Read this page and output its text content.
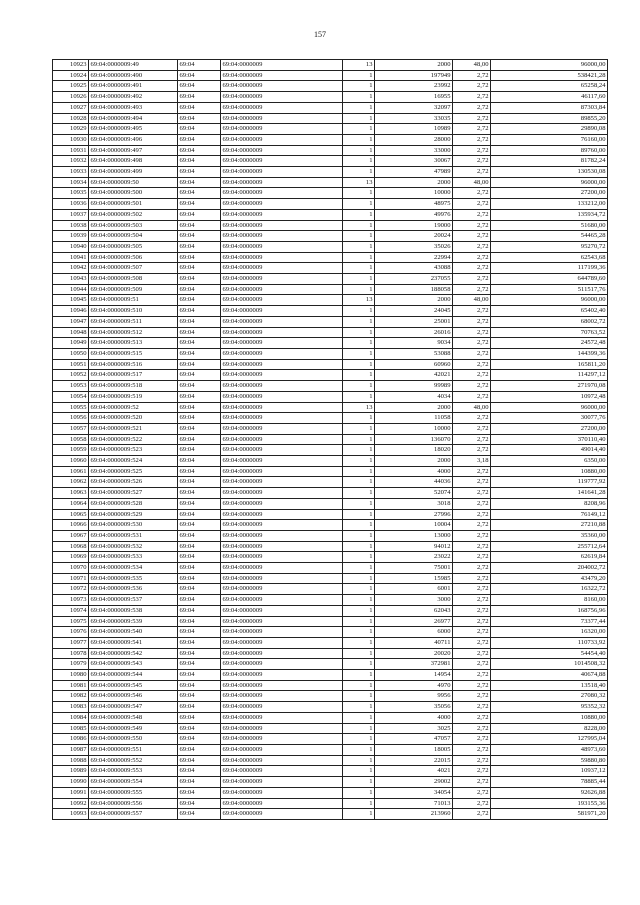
157
10923	69:04:0000009:49	69:04	69:04:0000009	13	2000	48,00	96000,00
10924	69:04:0000009:490	69:04	69:04:0000009	1	197949	2,72	538421,28
10925	69:04:0000009:491	69:04	69:04:0000009	1	23992	2,72	65258,24
10926	69:04:0000009:492	69:04	69:04:0000009	1	16955	2,72	46117,60
10927	69:04:0000009:493	69:04	69:04:0000009	1	32097	2,72	87303,84
10928	69:04:0000009:494	69:04	69:04:0000009	1	33035	2,72	89855,20
10929	69:04:0000009:495	69:04	69:04:0000009	1	10989	2,72	29890,08
10930	69:04:0000009:496	69:04	69:04:0000009	1	28000	2,72	76160,00
10931	69:04:0000009:497	69:04	69:04:0000009	1	33000	2,72	89760,00
10932	69:04:0000009:498	69:04	69:04:0000009	1	30067	2,72	81782,24
10933	69:04:0000009:499	69:04	69:04:0000009	1	47989	2,72	130530,08
10934	69:04:0000009:50	69:04	69:04:0000009	13	2000	48,00	96000,00
10935	69:04:0000009:500	69:04	69:04:0000009	1	10000	2,72	27200,00
10936	69:04:0000009:501	69:04	69:04:0000009	1	48975	2,72	133212,00
10937	69:04:0000009:502	69:04	69:04:0000009	1	49976	2,72	135934,72
10938	69:04:0000009:503	69:04	69:04:0000009	1	19000	2,72	51680,00
10939	69:04:0000009:504	69:04	69:04:0000009	1	20024	2,72	54465,28
10940	69:04:0000009:505	69:04	69:04:0000009	1	35026	2,72	95270,72
10941	69:04:0000009:506	69:04	69:04:0000009	1	22994	2,72	62543,68
10942	69:04:0000009:507	69:04	69:04:0000009	1	43088	2,72	117199,36
10943	69:04:0000009:508	69:04	69:04:0000009	1	237055	2,72	644789,60
10944	69:04:0000009:509	69:04	69:04:0000009	1	188058	2,72	511517,76
10945	69:04:0000009:51	69:04	69:04:0000009	13	2000	48,00	96000,00
10946	69:04:0000009:510	69:04	69:04:0000009	1	24045	2,72	65402,40
10947	69:04:0000009:511	69:04	69:04:0000009	1	25001	2,72	68002,72
10948	69:04:0000009:512	69:04	69:04:0000009	1	26016	2,72	70763,52
10949	69:04:0000009:513	69:04	69:04:0000009	1	9034	2,72	24572,48
10950	69:04:0000009:515	69:04	69:04:0000009	1	53088	2,72	144399,36
10951	69:04:0000009:516	69:04	69:04:0000009	1	60960	2,72	165811,20
10952	69:04:0000009:517	69:04	69:04:0000009	1	42021	2,72	114297,12
10953	69:04:0000009:518	69:04	69:04:0000009	1	99989	2,72	271970,08
10954	69:04:0000009:519	69:04	69:04:0000009	1	4034	2,72	10972,48
10955	69:04:0000009:52	69:04	69:04:0000009	13	2000	48,00	96000,00
10956	69:04:0000009:520	69:04	69:04:0000009	1	11058	2,72	30077,76
10957	69:04:0000009:521	69:04	69:04:0000009	1	10000	2,72	27200,00
10958	69:04:0000009:522	69:04	69:04:0000009	1	136070	2,72	370110,40
10959	69:04:0000009:523	69:04	69:04:0000009	1	18020	2,72	49014,40
10960	69:04:0000009:524	69:04	69:04:0000009	1	2000	3,18	6350,00
10961	69:04:0000009:525	69:04	69:04:0000009	1	4000	2,72	10880,00
10962	69:04:0000009:526	69:04	69:04:0000009	1	44036	2,72	119777,92
10963	69:04:0000009:527	69:04	69:04:0000009	1	52074	2,72	141641,28
10964	69:04:0000009:528	69:04	69:04:0000009	1	3018	2,72	8208,96
10965	69:04:0000009:529	69:04	69:04:0000009	1	27996	2,72	76149,12
10966	69:04:0000009:530	69:04	69:04:0000009	1	10004	2,72	27210,88
10967	69:04:0000009:531	69:04	69:04:0000009	1	13000	2,72	35360,00
10968	69:04:0000009:532	69:04	69:04:0000009	1	94012	2,72	255712,64
10969	69:04:0000009:533	69:04	69:04:0000009	1	23022	2,72	62619,84
10970	69:04:0000009:534	69:04	69:04:0000009	1	75001	2,72	204002,72
10971	69:04:0000009:535	69:04	69:04:0000009	1	15985	2,72	43479,20
10972	69:04:0000009:536	69:04	69:04:0000009	1	6001	2,72	16322,72
10973	69:04:0000009:537	69:04	69:04:0000009	1	3000	2,72	8160,00
10974	69:04:0000009:538	69:04	69:04:0000009	1	62043	2,72	168756,96
10975	69:04:0000009:539	69:04	69:04:0000009	1	26977	2,72	73377,44
10976	69:04:0000009:540	69:04	69:04:0000009	1	6000	2,72	16320,00
10977	69:04:0000009:541	69:04	69:04:0000009	1	40711	2,72	110733,92
10978	69:04:0000009:542	69:04	69:04:0000009	1	20020	2,72	54454,40
10979	69:04:0000009:543	69:04	69:04:0000009	1	372981	2,72	1014508,32
10980	69:04:0000009:544	69:04	69:04:0000009	1	14954	2,72	40674,88
10981	69:04:0000009:545	69:04	69:04:0000009	1	4970	2,72	13518,40
10982	69:04:0000009:546	69:04	69:04:0000009	1	9956	2,72	27080,32
10983	69:04:0000009:547	69:04	69:04:0000009	1	35056	2,72	95352,32
10984	69:04:0000009:548	69:04	69:04:0000009	1	4000	2,72	10880,00
10985	69:04:0000009:549	69:04	69:04:0000009	1	3025	2,72	8228,00
10986	69:04:0000009:550	69:04	69:04:0000009	1	47057	2,72	127995,04
10987	69:04:0000009:551	69:04	69:04:0000009	1	18005	2,72	48973,60
10988	69:04:0000009:552	69:04	69:04:0000009	1	22015	2,72	59880,80
10989	69:04:0000009:553	69:04	69:04:0000009	1	4021	2,72	10937,12
10990	69:04:0000009:554	69:04	69:04:0000009	1	29002	2,72	78885,44
10991	69:04:0000009:555	69:04	69:04:0000009	1	34054	2,72	92626,88
10992	69:04:0000009:556	69:04	69:04:0000009	1	71013	2,72	193155,36
10993	69:04:0000009:557	69:04	69:04:0000009	1	213960	2,72	581971,20
